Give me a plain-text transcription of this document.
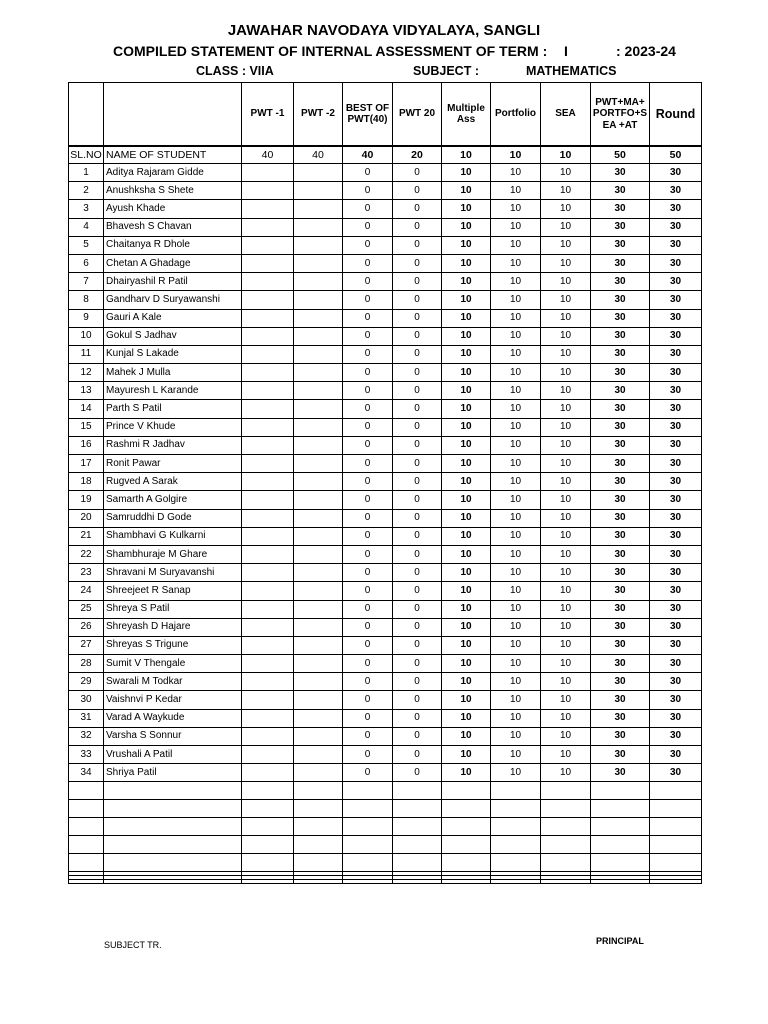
JAWAHAR NAVODAYA VIDYALAYA, SANGLI
COMPILED STATEMENT OF INTERNAL ASSESSMENT OF TERM : I	: 2023-24
CLASS : VIIA	SUBJECT :	MATHEMATICS
		PWT -1	PWT -2	BEST OF PWT(40)	PWT 20	Multiple Ass	Portfolio	SEA	PWT+MA+ PORTFO+S EA +AT	Round
SL.NO	NAME OF STUDENT	40	40	40	20	10	10	10	50	50
1	Aditya Rajaram Gidde			0	0	10	10	10	30	30
2	Anushksha S Shete			0	0	10	10	10	30	30
3	Ayush Khade			0	0	10	10	10	30	30
4	Bhavesh S Chavan			0	0	10	10	10	30	30
5	Chaitanya R Dhole			0	0	10	10	10	30	30
6	Chetan A Ghadage			0	0	10	10	10	30	30
7	Dhairyashil R Patil			0	0	10	10	10	30	30
8	Gandharv D Suryawanshi			0	0	10	10	10	30	30
9	Gauri A Kale			0	0	10	10	10	30	30
10	Gokul S Jadhav			0	0	10	10	10	30	30
11	Kunjal S Lakade			0	0	10	10	10	30	30
12	Mahek J Mulla			0	0	10	10	10	30	30
13	Mayuresh L Karande			0	0	10	10	10	30	30
14	Parth S Patil			0	0	10	10	10	30	30
15	Prince V Khude			0	0	10	10	10	30	30
16	Rashmi R Jadhav			0	0	10	10	10	30	30
17	Ronit Pawar			0	0	10	10	10	30	30
18	Rugved A Sarak			0	0	10	10	10	30	30
19	Samarth A Golgire			0	0	10	10	10	30	30
20	Samruddhi D Gode			0	0	10	10	10	30	30
21	Shambhavi G Kulkarni			0	0	10	10	10	30	30
22	Shambhuraje M Ghare			0	0	10	10	10	30	30
23	Shravani M Suryavanshi			0	0	10	10	10	30	30
24	Shreejeet R Sanap			0	0	10	10	10	30	30
25	Shreya S Patil			0	0	10	10	10	30	30
26	Shreyash D Hajare			0	0	10	10	10	30	30
27	Shreyas S Trigune			0	0	10	10	10	30	30
28	Sumit V Thengale			0	0	10	10	10	30	30
29	Swarali M Todkar			0	0	10	10	10	30	30
30	Vaishnvi P Kedar			0	0	10	10	10	30	30
31	Varad A Waykude			0	0	10	10	10	30	30
32	Varsha S Sonnur			0	0	10	10	10	30	30
33	Vrushali A Patil			0	0	10	10	10	30	30
34	Shriya Patil			0	0	10	10	10	30	30

SUBJECT TR.	PRINCIPAL
